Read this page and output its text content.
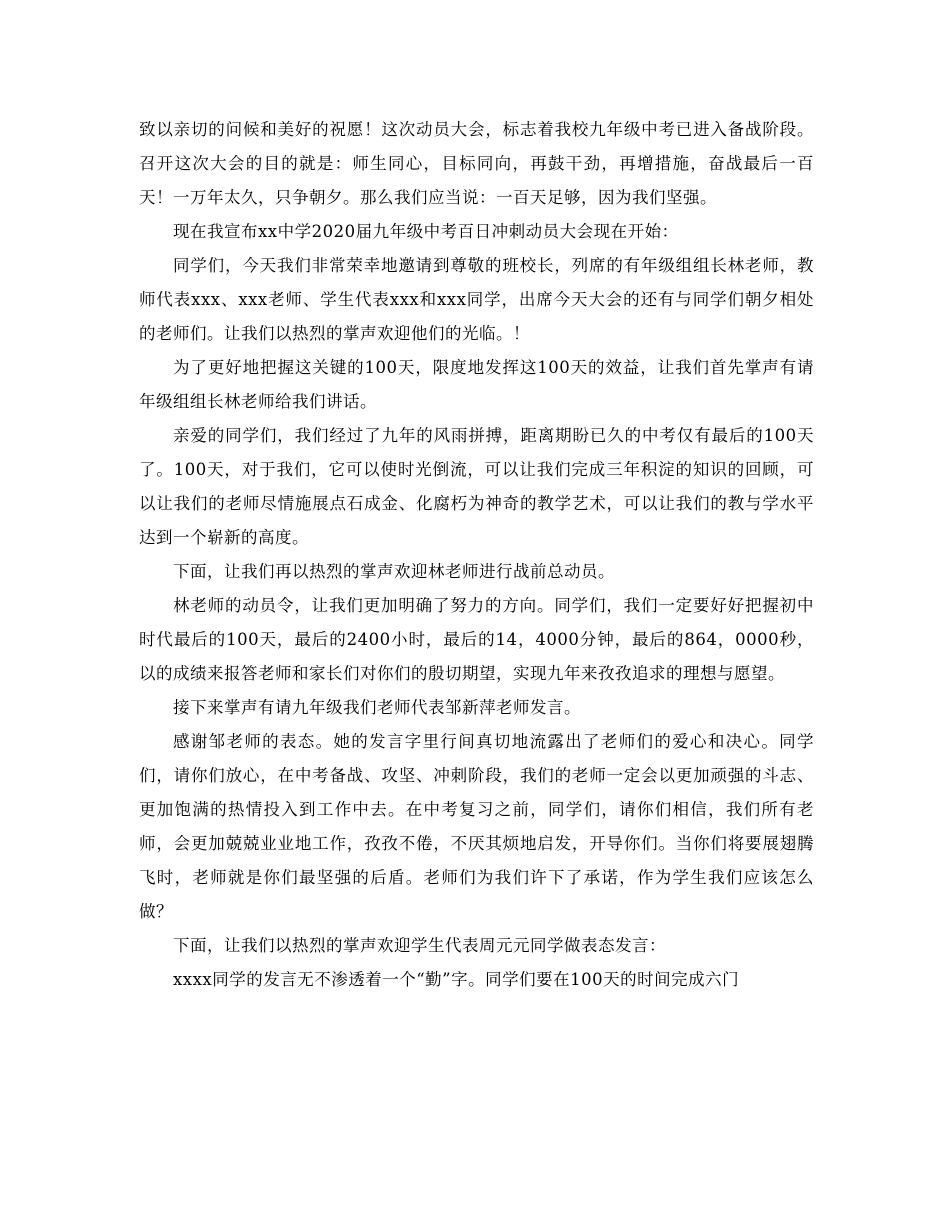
致以亲切的问候和美好的祝愿！这次动员大会，标志着我校九年级中考已进入备战阶段。召开这次大会的目的就是：师生同心，目标同向，再鼓干劲，再增措施，奋战最后一百天！一万年太久，只争朝夕。那么我们应当说：一百天足够，因为我们坚强。

现在我宣布xx中学2020届九年级中考百日冲刺动员大会现在开始：

同学们，今天我们非常荣幸地邀请到尊敬的班校长，列席的有年级组组长林老师，教师代表xxx、xxx老师、学生代表xxx和xxx同学，出席今天大会的还有与同学们朝夕相处的老师们。让我们以热烈的掌声欢迎他们的光临。！

为了更好地把握这关键的100天，限度地发挥这100天的效益，让我们首先掌声有请年级组组长林老师给我们讲话。

亲爱的同学们，我们经过了九年的风雨拼搏，距离期盼已久的中考仅有最后的100天了。100天，对于我们，它可以使时光倒流，可以让我们完成三年积淀的知识的回顾，可以让我们的老师尽情施展点石成金、化腐朽为神奇的教学艺术，可以让我们的教与学水平达到一个崭新的高度。

下面，让我们再以热烈的掌声欢迎林老师进行战前总动员。

林老师的动员令，让我们更加明确了努力的方向。同学们，我们一定要好好把握初中时代最后的100天，最后的2400小时，最后的14，4000分钟，最后的864，0000秒，以的成绩来报答老师和家长们对你们的殷切期望，实现九年来孜孜追求的理想与愿望。

接下来掌声有请九年级我们老师代表邹新萍老师发言。

感谢邹老师的表态。她的发言字里行间真切地流露出了老师们的爱心和决心。同学们，请你们放心，在中考备战、攻坚、冲刺阶段，我们的老师一定会以更加顽强的斗志、更加饱满的热情投入到工作中去。在中考复习之前，同学们，请你们相信，我们所有老师，会更加兢兢业业地工作，孜孜不倦，不厌其烦地启发，开导你们。当你们将要展翅腾飞时，老师就是你们最坚强的后盾。老师们为我们许下了承诺，作为学生我们应该怎么做？

下面，让我们以热烈的掌声欢迎学生代表周元元同学做表态发言：

xxxx同学的发言无不渗透着一个“勤”字。同学们要在100天的时间完成六门
